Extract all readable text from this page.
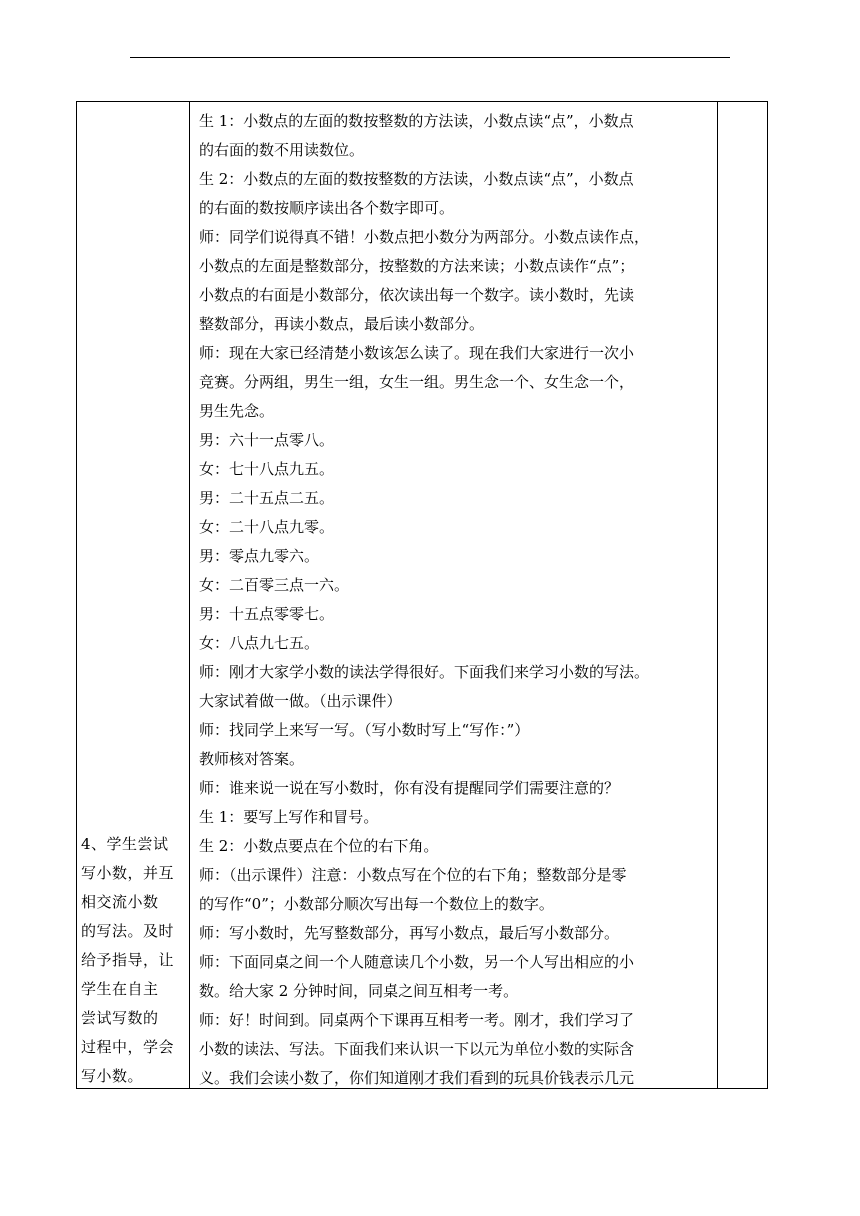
4、学生尝试

写小数，并互

相交流小数

的写法。及时

给予指导，让

学生在自主

尝试写数的

过程中，学会

写小数。

生 1：小数点的左面的数按整数的方法读，小数点读“点”，小数点

的右面的数不用读数位。

生 2：小数点的左面的数按整数的方法读，小数点读“点”，小数点

的右面的数按顺序读出各个数字即可。

师：同学们说得真不错！小数点把小数分为两部分。小数点读作点，

小数点的左面是整数部分，按整数的方法来读；小数点读作“点”；

小数点的右面是小数部分，依次读出每一个数字。读小数时，先读

整数部分，再读小数点，最后读小数部分。

师：现在大家已经清楚小数该怎么读了。现在我们大家进行一次小

竞赛。分两组，男生一组，女生一组。男生念一个、女生念一个，

男生先念。

男：六十一点零八。

女：七十八点九五。

男：二十五点二五。

女：二十八点九零。

男：零点九零六。

女：二百零三点一六。

男：十五点零零七。

女：八点九七五。

师：刚才大家学小数的读法学得很好。下面我们来学习小数的写法。

大家试着做一做。（出示课件）

师：找同学上来写一写。（写小数时写上“写作：”）

教师核对答案。

师：谁来说一说在写小数时，你有没有提醒同学们需要注意的？

生 1：要写上写作和冒号。

生 2：小数点要点在个位的右下角。

师：（出示课件）注意：小数点写在个位的右下角；整数部分是零

的写作“0”；小数部分顺次写出每一个数位上的数字。

师：写小数时，先写整数部分，再写小数点，最后写小数部分。

师：下面同桌之间一个人随意读几个小数，另一个人写出相应的小

数。给大家 2 分钟时间，同桌之间互相考一考。

师：好！时间到。同桌两个下课再互相考一考。刚才，我们学习了

小数的读法、写法。下面我们来认识一下以元为单位小数的实际含

义。我们会读小数了，你们知道刚才我们看到的玩具价钱表示几元
